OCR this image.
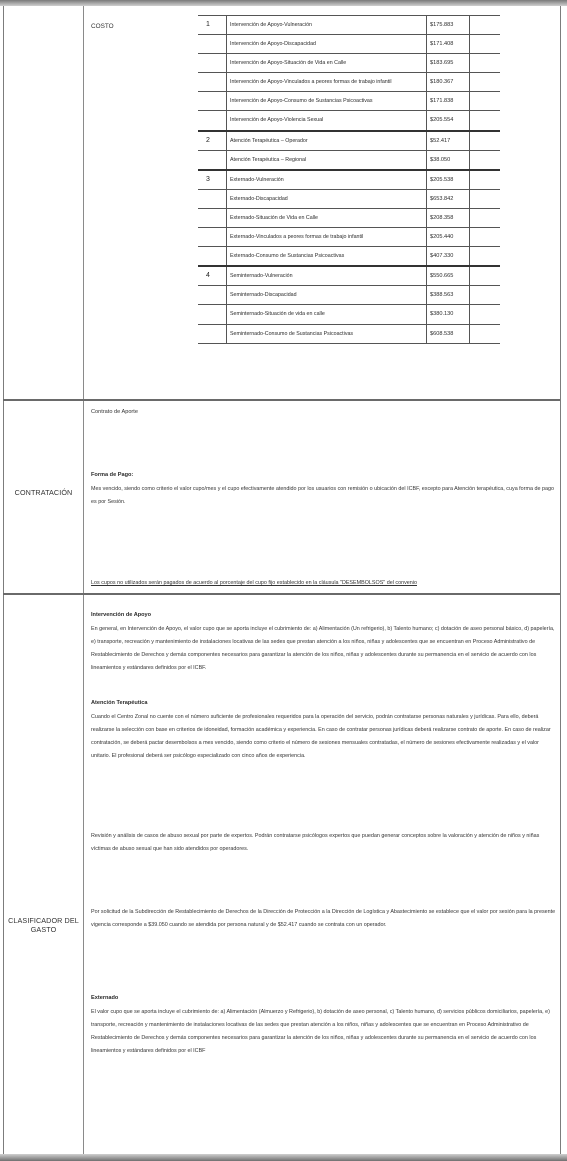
COSTO	1	Intervención de Apoyo-Vulneración	$175.883
Intervención de Apoyo-Discapacidad	$171.408
Intervención de Apoyo-Situación de Vida en Calle	$183.695
Intervención de Apoyo-Vinculados a peores formas de trabajo infantil	$180.367
Intervención de Apoyo-Consumo de Sustancias Psicoactivas	$171.838
Intervención de Apoyo-Violencia Sexual	$205.554
2	Atención Terapéutica – Operador	$52.417
Atención Terapéutica – Regional	$38.050
3	Externado-Vulneración	$205.538
Externado-Discapacidad	$653.842
Externado-Situación de Vida en Calle	$208.358
Externado-Vinculados a peores formas de trabajo infantil	$205.440
Externado-Consumo de Sustancias Psicoactivas	$407.330
4	Seminternado-Vulneración	$550.665
Seminternado-Discapacidad	$388.563
Seminternado-Situación de vida en calle	$380.130
Seminternado-Consumo de Sustancias Psicoactivas	$608.538
CONTRATACIÓN
Contrato de Aporte
Forma de Pago:
Mes vencido, siendo como criterio el valor cupo/mes y el cupo efectivamente atendido por los usuarios con remisión o ubicación del ICBF, excepto para Atención terapéutica, cuya forma de pago es por Sesión.
Los cupos no utilizados serán pagados de acuerdo al porcentaje del cupo fijo establecido en la cláusula "DESEMBOLSOS" del convenio
CLASIFICADOR DEL GASTO
Intervención de Apoyo
En general, en Intervención de Apoyo, el valor cupo que se aporta incluye el cubrimiento de: a) Alimentación (Un refrigerio), b) Talento humano; c) dotación de aseo personal básico, d) papelería, e) transporte, recreación y mantenimiento de instalaciones locativas de las sedes que prestan atención a los niños, niñas y adolescentes que se encuentran en Proceso Administrativo de Restablecimiento de Derechos y demás componentes necesarios para garantizar la atención de los niños, niñas y adolescentes durante su permanencia en el servicio de acuerdo con los lineamientos y estándares definidos por el ICBF.
Atención Terapéutica
Cuando el Centro Zonal no cuente con el número suficiente de profesionales requeridos para la operación del servicio, podrán contratarse personas naturales y jurídicas. Para ello, deberá realizarse la selección con base en criterios de idoneidad, formación académica y experiencia. En caso de contratar personas jurídicas deberá realizarse contrato de aporte. En caso de realizar contratación, se deberá pactar desembolsos a mes vencido, siendo como criterio el número de sesiones mensuales contratadas, el número de sesiones efectivamente realizadas y el valor unitario. El profesional deberá ser psicólogo especializado con cinco años de experiencia.
Revisión y análisis de casos de abuso sexual por parte de expertos. Podrán contratarse psicólogos expertos que puedan generar conceptos sobre la valoración y atención de niños y niñas víctimas de abuso sexual que han sido atendidos por operadores.
Por solicitud de la Subdirección de Restablecimiento de Derechos de la Dirección de Protección a la Dirección de Logística y Abastecimiento se establece que el valor por sesión para la presente vigencia corresponde a $39.050 cuando se atendida por persona natural y de $52.417 cuando se contrata con un operador.
Externado
El valor cupo que se aporta incluye el cubrimiento de: a) Alimentación (Almuerzo y Refrigerio), b) dotación de aseo personal, c) Talento humano, d) servicios públicos domiciliarios, papelería, e) transporte, recreación y mantenimiento de instalaciones locativas de las sedes que prestan atención a los niños, niñas y adolescentes que se encuentran en Proceso Administrativo de Restablecimiento de Derechos y demás componentes necesarios para garantizar la atención de los niños, niñas y adolescentes durante su permanencia en el servicio de acuerdo con los lineamientos y estándares definidos por el ICBF
